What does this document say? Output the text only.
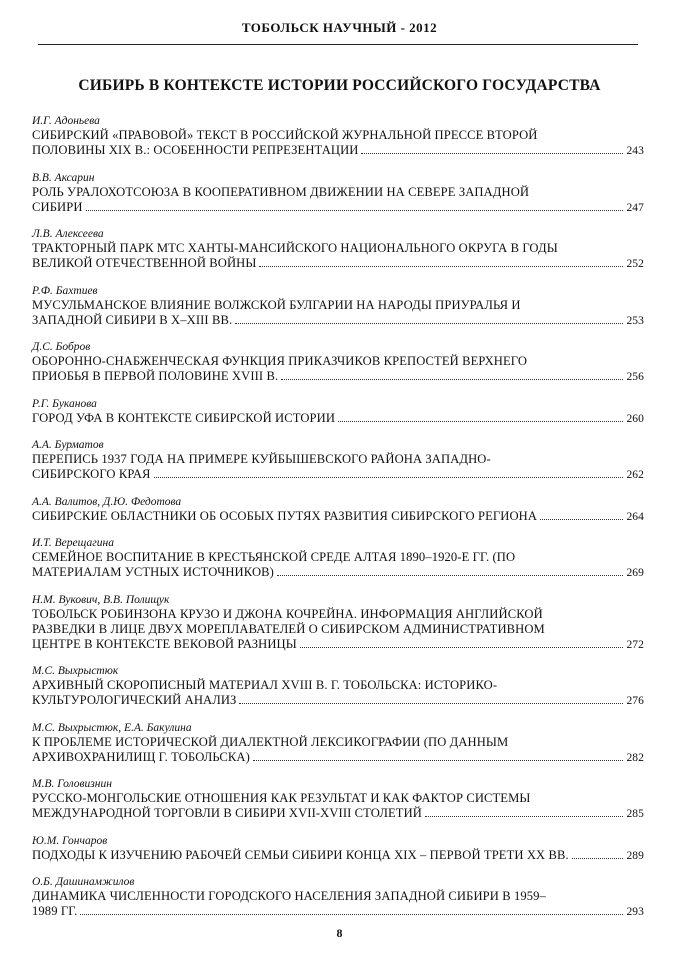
ТОБОЛЬСК НАУЧНЫЙ - 2012
СИБИРЬ В КОНТЕКСТЕ ИСТОРИИ РОССИЙСКОГО ГОСУДАРСТВА
И.Г. Адоньева
СИБИРСКИЙ «ПРАВОВОЙ» ТЕКСТ В РОССИЙСКОЙ ЖУРНАЛЬНОЙ ПРЕССЕ ВТОРОЙ
ПОЛОВИНЫ XIX В.: ОСОБЕННОСТИ РЕПРЕЗЕНТАЦИИ	243
В.В. Аксарин
РОЛЬ УРАЛОХОТСОЮЗА В КООПЕРАТИВНОМ ДВИЖЕНИИ НА СЕВЕРЕ ЗАПАДНОЙ
СИБИРИ	247
Л.В. Алексеева
ТРАКТОРНЫЙ ПАРК МТС ХАНТЫ-МАНСИЙСКОГО НАЦИОНАЛЬНОГО ОКРУГА В ГОДЫ
ВЕЛИКОЙ ОТЕЧЕСТВЕННОЙ ВОЙНЫ	252
Р.Ф. Бахтиев
МУСУЛЬМАНСКОЕ ВЛИЯНИЕ ВОЛЖСКОЙ БУЛГАРИИ НА НАРОДЫ ПРИУРАЛЬЯ И
ЗАПАДНОЙ СИБИРИ В X–XIII ВВ.	253
Д.С. Бобров
ОБОРОННО-СНАБЖЕНЧЕСКАЯ ФУНКЦИЯ ПРИКАЗЧИКОВ КРЕПОСТЕЙ ВЕРХНЕГО
ПРИОБЬЯ В ПЕРВОЙ ПОЛОВИНЕ XVIII В.	256
Р.Г. Буканова
ГОРОД УФА В КОНТЕКСТЕ СИБИРСКОЙ ИСТОРИИ	260
А.А. Бурматов
ПЕРЕПИСЬ 1937 ГОДА НА ПРИМЕРЕ КУЙБЫШЕВСКОГО РАЙОНА ЗАПАДНО-
СИБИРСКОГО КРАЯ	262
А.А. Валитов, Д.Ю. Федотова
СИБИРСКИЕ ОБЛАСТНИКИ ОБ ОСОБЫХ ПУТЯХ РАЗВИТИЯ СИБИРСКОГО РЕГИОНА	264
И.Т. Верещагина
СЕМЕЙНОЕ ВОСПИТАНИЕ В КРЕСТЬЯНСКОЙ СРЕДЕ АЛТАЯ 1890–1920-Е ГГ. (ПО
МАТЕРИАЛАМ УСТНЫХ ИСТОЧНИКОВ)	269
Н.М. Вукович, В.В. Полищук
ТОБОЛЬСК РОБИНЗОНА КРУЗО И ДЖОНА КОЧРЕЙНА. ИНФОРМАЦИЯ АНГЛИЙСКОЙ
РАЗВЕДКИ В ЛИЦЕ ДВУХ МОРЕПЛАВАТЕЛЕЙ О СИБИРСКОМ АДМИНИСТРАТИВНОМ
ЦЕНТРЕ В КОНТЕКСТЕ ВЕКОВОЙ РАЗНИЦЫ	272
М.С. Выхрыстюк
АРХИВНЫЙ СКОРОПИСНЫЙ МАТЕРИАЛ XVIII В. Г. ТОБОЛЬСКА: ИСТОРИКО-
КУЛЬТУРОЛОГИЧЕСКИЙ АНАЛИЗ	276
М.С. Выхрыстюк, Е.А. Бакулина
К ПРОБЛЕМЕ ИСТОРИЧЕСКОЙ ДИАЛЕКТНОЙ ЛЕКСИКОГРАФИИ (ПО ДАННЫМ
АРХИВОХРАНИЛИЩ Г. ТОБОЛЬСКА)	282
М.В. Головизнин
РУССКО-МОНГОЛЬСКИЕ ОТНОШЕНИЯ КАК РЕЗУЛЬТАТ И КАК ФАКТОР СИСТЕМЫ
МЕЖДУНАРОДНОЙ ТОРГОВЛИ В СИБИРИ XVII-XVIII СТОЛЕТИЙ	285
Ю.М. Гончаров
ПОДХОДЫ К ИЗУЧЕНИЮ РАБОЧЕЙ СЕМЬИ СИБИРИ КОНЦА XIX – ПЕРВОЙ ТРЕТИ XX ВВ.	289
О.Б. Дашинамжилов
ДИНАМИКА ЧИСЛЕННОСТИ ГОРОДСКОГО НАСЕЛЕНИЯ ЗАПАДНОЙ СИБИРИ В 1959–
1989 ГГ.	293
8
